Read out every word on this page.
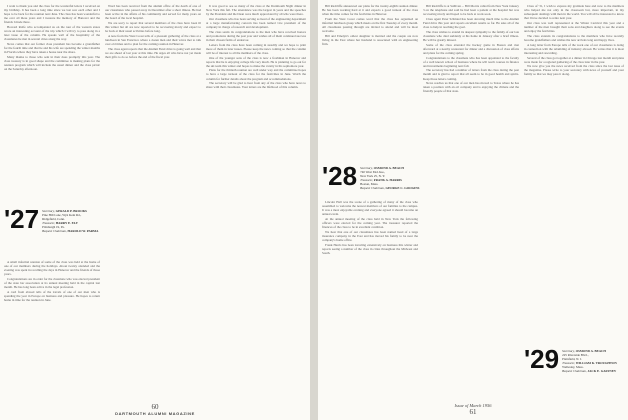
I want to thank you and the class for the wonderful letters I received on my birthday. It has been a long time since we last saw each other and I hope to be back for the reunion next June. The class has been wonderful to me over all these years and I treasure the memory of Hanover and the friends I made there.

Howard Rolfe who accompanied us on the tour of the western states wrote an interesting account of the trip which I will try to pass along in a later issue of the column. He speaks well of the hospitality of the classmates he met in several cities along the way.

News comes that our former class president has become a grandfather for the fourth time and that he and his wife are spending the winter months in Florida where they have taken a house near the shore.

Many thanks to those who sent in their dues promptly this year. The class treasury is in good shape and the committee is making plans for the reunion program which will include the usual dinner and the class picnic on the Saturday afternoon.

Word has been received from the alumni office of the death of one of our classmates who passed away in December after a short illness. He had been active in the affairs of his community and served for many years on the board of the local hospital.

We are sorry to report that several members of the class have been ill this winter but all are now reported to be recovering nicely and expect to be back at their usual activities before long.

A note from the West Coast tells of a pleasant gathering of the class at a luncheon in San Francisco where a dozen men and their wives met to talk over old times and to plan for the coming reunion in Hanover.

The class agent reports that the Alumni Fund drive is going well and that we are ahead of last year at this time. He urges all who have not yet made their gifts to do so before the end of the fiscal year.

It was good to see so many of the class at the Dartmouth Night dinner in New York this fall. The attendance was the largest in years and the speeches by the President and the Dean were much appreciated by all who were there.

Our classmate who has been serving as head of the engineering department at a large manufacturing concern has been named vice president of the company in charge of research and development.

The class sends its congratulations to the men who have received honors and promotions during the past year and wishes all of them continued success in their chosen fields of endeavor.

Letters from the class have been coming in steadily and we hope to print more of them in later issues. Please keep the news coming so that the column will be of interest to all the members of the class.

One of the younger sons of the class is now a freshman in Hanover and reports that he is enjoying college life very much. He is planning to go out for the ski team this winter and hopes to make the varsity in his sophomore year.

Plans for the thirtieth reunion are well under way and the committee hopes to have a large turnout of the class for the festivities in June. Watch the column for further details about the program and accommodations.

The secretary will be glad to hear from any of the class who have news to share with their classmates. Your letters are the lifeblood of this column.

A small informal reunion of some of the class was held at the home of one of our members during the holidays. About twenty attended and the evening was spent in recalling the days in Hanover and the friends of those years.

Congratulations are in order for the classmate who was elected president of the state bar association at its annual meeting held in the capital last month. He has long been active in the legal profession.

A card from abroad tells of the travels of one of our men who is spending the year in Europe on business and pleasure. He hopes to return home in time for the reunion in June.

'27 Secretary, GERALD P. BROOKS
Pine Hill Lane, Wyn Kent Rd.,
Ridgefield, Conn.
Treasurer, HARRY E. ELY
Pittsburgh 19, Pa.
Bequest Chairman, HAROLD W. PARMA
60
DARTMOUTH ALUMNI MAGAZINE

Bill Radcliffe announced our plans for the twenty-eighth reunion dinner. He has been working hard at it and expects a good turnout of the class when the time comes for the festivities in Hanover.

From the West Coast comes word that the class has organized an informal luncheon group which meets on the first Tuesday of every month. All classmates passing through are invited to attend and will be most welcome.

Bill and Emelyn's oldest daughter is married and the couple are now living in the East where her husband is associated with an engineering firm.

Bill Radcliffe is at Sullivan ... Bill Morris called from New York January 3 on the telephone and said he had been a patient at the hospital but was recovering nicely and hoped to be back at work soon.

Class agent Peter Schmied has been devoting much time to the Alumni Fund drive this year and reports excellent results so far. He asks all of the class to help in reaching the goal.

The class wishes to extend its deepest sympathy to the family of our late classmate who died suddenly at his home in January after a brief illness. He will be greatly missed.

Some of the class attended the hockey game in Boston and met afterward at a nearby restaurant for dinner and a discussion of class affairs and plans for the coming spring.

Congratulations to the classmate who has been appointed to the faculty of a well known school of business where he will teach courses in finance and investments beginning next fall.

The secretary has had a number of letters from the class during the past month and is glad to report that all seem to be in good health and spirits. Keep those letters coming.

News reaches us that one of our men has moved to Texas where he has taken a position with an oil company and is enjoying the climate and the friendly people of that state.

Class of '31, I wish to express my gratitude here and now to the members who helped me not only in the classroom but, more important, in my subsequent dealings with men in the world. You will all be interested to know that I have decided to retire next year.

Our class was well represented at the Winter Carnival this year and a number of the men brought their sons and daughters along to see the events and enjoy the festivities.

The class extends its congratulations to the members who have recently become grandfathers and wishes the new arrivals long and happy lives.

A long letter from Europe tells of the work one of our classmates is doing in connection with the rebuilding of industry abroad. He writes that it is most interesting and rewarding.

Several of the class got together at a dinner in Chicago last month and plans were made for a regional gathering of the class later in the year.

We now give you the news received from the class since the last issue of the magazine. Please write to your secretary with news of yourself and your family so that we may pass it along.

'28 Secretary, OSMOND A. BEACH
740 West End Ave.,
New York 25, N. Y.
Treasurer, FRANK A. HARRIS
Boston, Mass.
Bequest Chairman, GEORGE C. GOOGINS

Lincoln Hall was the scene of a gathering of many of the class who assembled to welcome the newest members of our families to the campus. It was a most enjoyable evening and everyone agreed it should become an annual event.

At the annual meeting of the class held in New York the following officers were elected for the coming year. The treasurer reported the finances of the class to be in excellent condition.

We hear that one of our classmates has been named head of a large insurance company in the East and has moved his family to be near the company's home office.

Frank Harris has been traveling extensively on business this winter and reports seeing a number of the class in cities throughout the Midwest and South.

'29 Secretary, OSMOND A. BEACH
225 Riverside Blvd.,
Plainfield, N. J.
Treasurer, WILLIAM K. TROUGHTON
Wellesley, Mass.
Bequest Chairman, JACK E. GAFFNEY
Issue of March 1956
61
